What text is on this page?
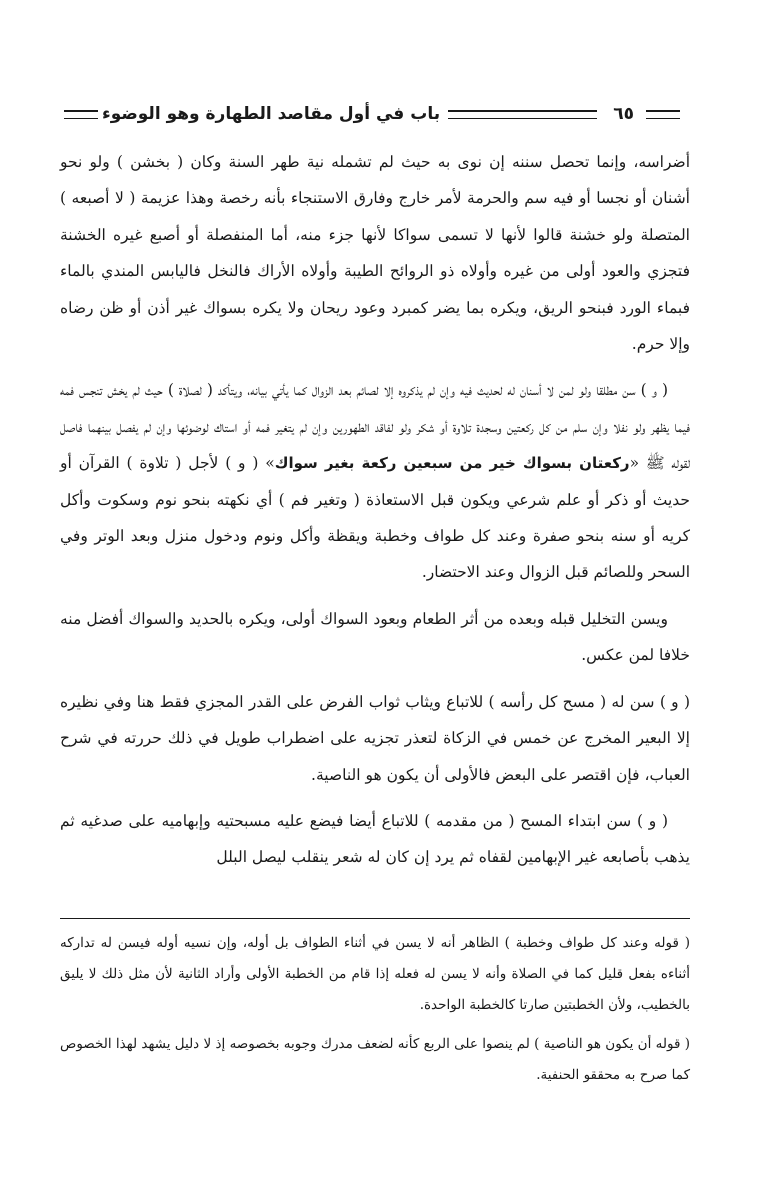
باب في أول مقاصد الطهارة وهو الوضوء	٦٥

أضراسه، وإنما تحصل سننه إن نوى به حيث لم تشمله نية طهر السنة وكان ( بخشن ) ولو نحو أشنان أو نجسا أو فيه سم والحرمة لأمر خارج وفارق الاستنجاء بأنه رخصة وهذا عزيمة ( لا أصبعه ) المتصلة ولو خشنة قالوا لأنها لا تسمى سواكا لأنها جزء منه، أما المنفصلة أو أصبع غيره الخشنة فتجزي والعود أولى من غيره وأولاه ذو الروائح الطيبة وأولاه الأراك فالنخل فاليابس المندي بالماء فبماء الورد فبنحو الريق، ويكره بما يضر كمبرد وعود ريحان ولا يكره بسواك غير أذن أو ظن رضاه وإلا حرم.

( و ) سن مطلقا ولو لمن لا أسنان له لحديث فيه وإن لم يذكروه إلا لصائم بعد الزوال كما يأتي بيانه، ويتأكد ( لصلاة ) حيث لم يخش تنجس فمه فيما يظهر ولو نفلا وإن سلم من كل ركعتين وسجدة تلاوة أو شكر ولو لفاقد الطهورين وإن لم يتغير فمه أو استاك لوضوئها وإن لم يفصل بينهما فاصل لقوله ﷺ «ركعتان بسواك خير من سبعين ركعة بغير سواك» ( و ) لأجل ( تلاوة ) القرآن أو حديث أو ذكر أو علم شرعي ويكون قبل الاستعاذة ( وتغير فم ) أي نكهته بنحو نوم وسكوت وأكل كريه أو سنه بنحو صفرة وعند كل طواف وخطبة ويقظة وأكل ونوم ودخول منزل وبعد الوتر وفي السحر وللصائم قبل الزوال وعند الاحتضار.

ويسن التخليل قبله وبعده من أثر الطعام وبعود السواك أولى، ويكره بالحديد والسواك أفضل منه خلافا لمن عكس.

( و ) سن له ( مسح كل رأسه ) للاتباع ويثاب ثواب الفرض على القدر المجزي فقط هنا وفي نظيره إلا البعير المخرج عن خمس في الزكاة لتعذر تجزيه على اضطراب طويل في ذلك حررته في شرح العباب، فإن اقتصر على البعض فالأولى أن يكون هو الناصية.

( و ) سن ابتداء المسح ( من مقدمه ) للاتباع أيضا فيضع عليه مسبحتيه وإبهاميه على صدغيه ثم يذهب بأصابعه غير الإبهامين لقفاه ثم يرد إن كان له شعر ينقلب ليصل البلل

( قوله وعند كل طواف وخطبة ) الظاهر أنه لا يسن في أثناء الطواف بل أوله، وإن نسيه أوله فيسن له تداركه أثناءه بفعل قليل كما في الصلاة وأنه لا يسن له فعله إذا قام من الخطبة الأولى وأراد الثانية لأن مثل ذلك لا يليق بالخطيب، ولأن الخطبتين صارتا كالخطبة الواحدة.

( قوله أن يكون هو الناصية ) لم ينصوا على الربع كأنه لضعف مدرك وجوبه بخصوصه إذ لا دليل يشهد لهذا الخصوص كما صرح به محققو الحنفية.
